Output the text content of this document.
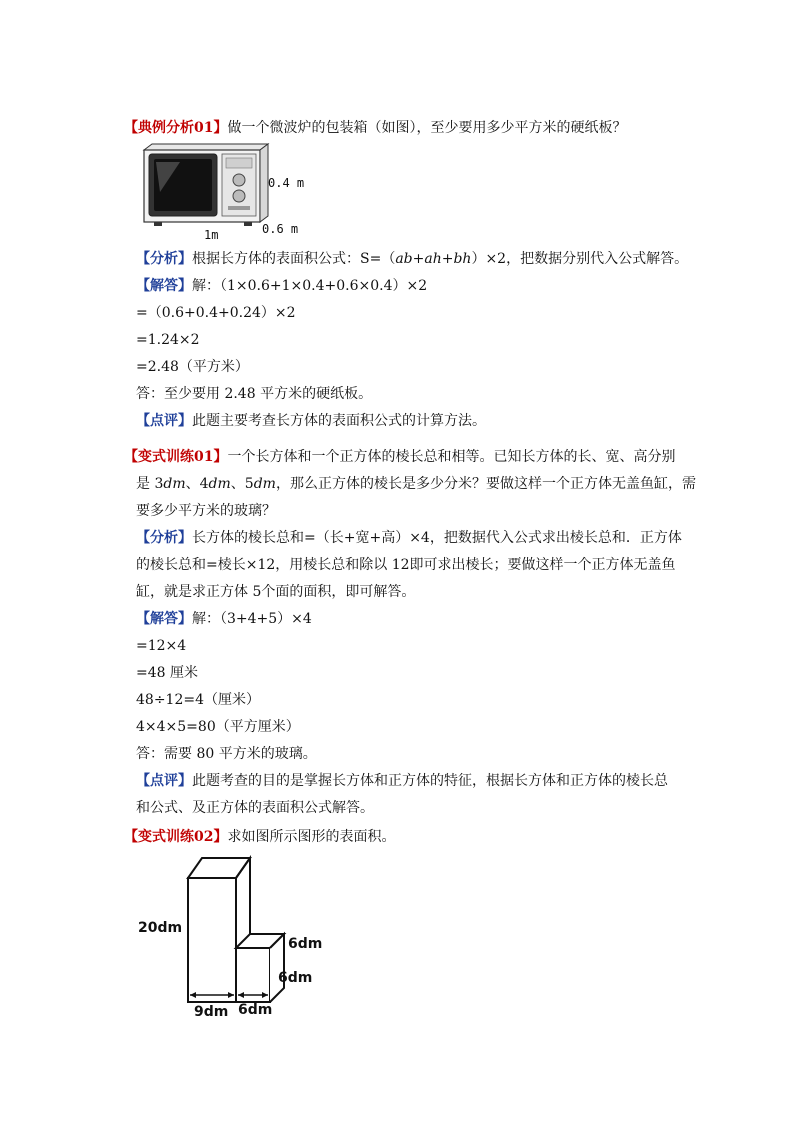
【典例分析01】做一个微波炉的包装箱（如图），至少要用多少平方米的硬纸板？
0.4 m
0.6 m
1m
【分析】根据长方体的表面积公式：S=（ab+ah+bh）×2，把数据分别代入公式解答。
【解答】解：（1×0.6+1×0.4+0.6×0.4）×2
=（0.6+0.4+0.24）×2
=1.24×2
=2.48（平方米）
答：至少要用 2.48 平方米的硬纸板。
【点评】此题主要考查长方体的表面积公式的计算方法。
【变式训练01】一个长方体和一个正方体的棱长总和相等。已知长方体的长、宽、高分别
是 3dm、4dm、5dm，那么正方体的棱长是多少分米？要做这样一个正方体无盖鱼缸，需
要多少平方米的玻璃？
【分析】长方体的棱长总和=（长+宽+高）×4，把数据代入公式求出棱长总和．正方体
的棱长总和=棱长×12，用棱长总和除以 12即可求出棱长；要做这样一个正方体无盖鱼
缸，就是求正方体 5个面的面积，即可解答。
【解答】解：（3+4+5）×4
=12×4
=48 厘米
48÷12=4（厘米）
4×4×5=80（平方厘米）
答：需要 80 平方米的玻璃。
【点评】此题考查的目的是掌握长方体和正方体的特征，根据长方体和正方体的棱长总
和公式、及正方体的表面积公式解答。
【变式训练02】求如图所示图形的表面积。
20dm
6dm
6dm
9dm 6dm
